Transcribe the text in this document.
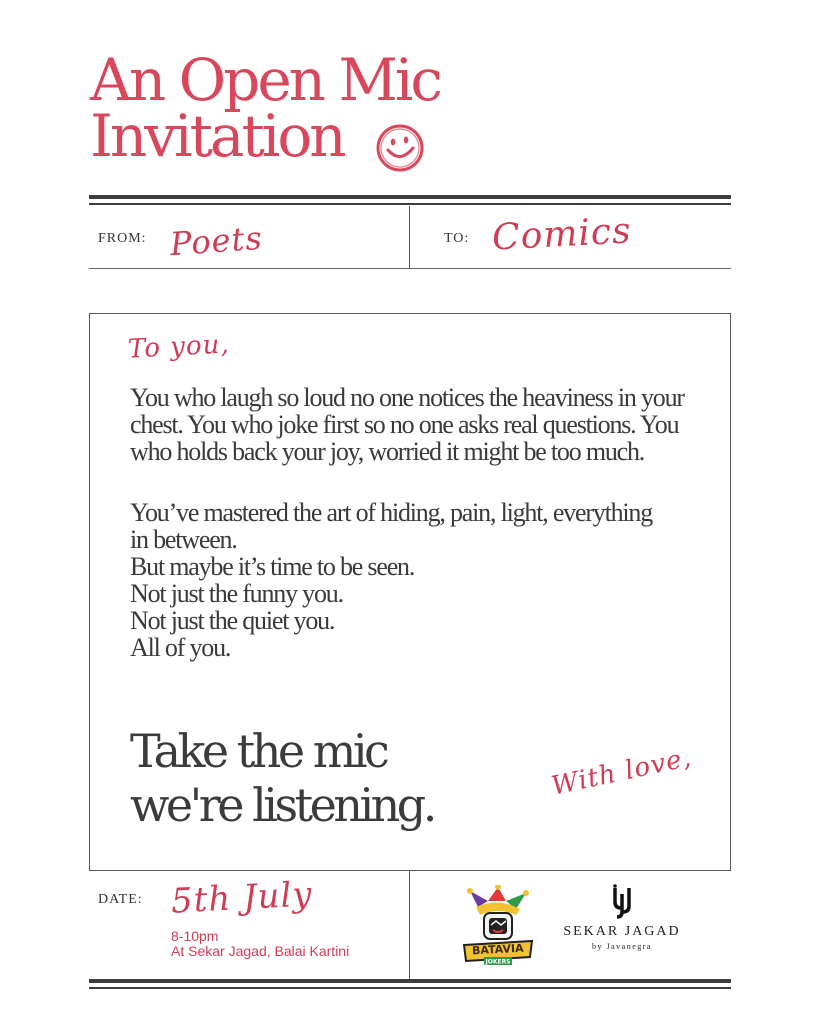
An Open Mic
Invitation
FROM: Poets	TO: Comics
To you,

You who laugh so loud no one notices the heaviness in your chest. You who joke first so no one asks real questions. You who holds back your joy, worried it might be too much.

You’ve mastered the art of hiding, pain, light, everything in between.

But maybe it’s time to be seen.

Not just the funny you.

Not just the quiet you.

All of you.

Take the mic
we're listening.
With love,
DATE: 5th July
8-10pm
At Sekar Jagad, Balai Kartini	BATAVIA
JOKERS
SEKAR JAGAD
by Javanegra
